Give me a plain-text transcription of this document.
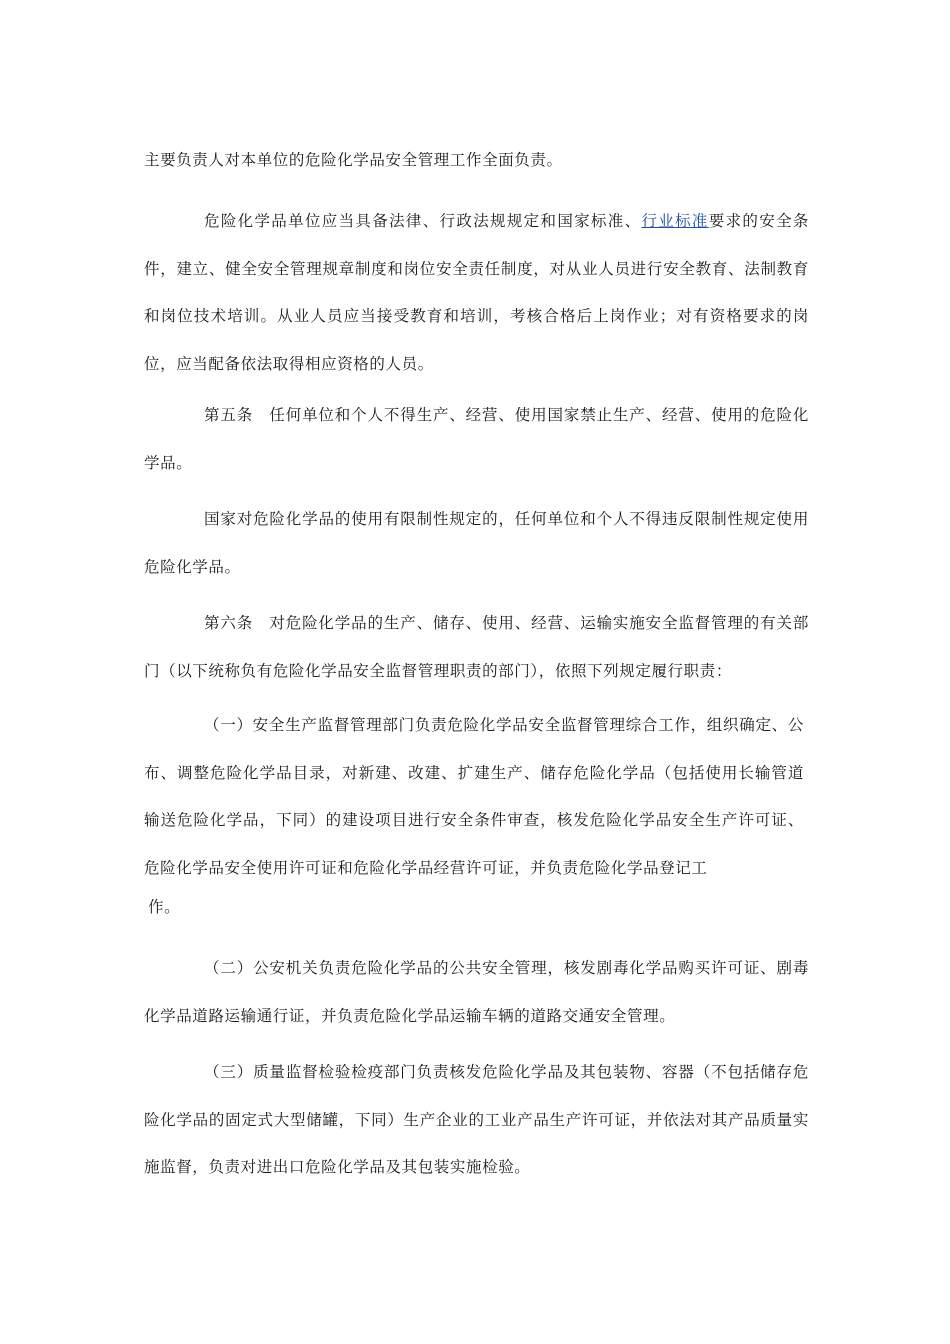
主要负责人对本单位的危险化学品安全管理工作全面负责。

危险化学品单位应当具备法律、行政法规规定和国家标准、行业标准要求的安全条件，建立、健全安全管理规章制度和岗位安全责任制度，对从业人员进行安全教育、法制教育和岗位技术培训。从业人员应当接受教育和培训，考核合格后上岗作业；对有资格要求的岗位，应当配备依法取得相应资格的人员。

第五条 任何单位和个人不得生产、经营、使用国家禁止生产、经营、使用的危险化学品。

国家对危险化学品的使用有限制性规定的，任何单位和个人不得违反限制性规定使用危险化学品。

第六条 对危险化学品的生产、储存、使用、经营、运输实施安全监督管理的有关部门（以下统称负有危险化学品安全监督管理职责的部门），依照下列规定履行职责：

（一）安全生产监督管理部门负责危险化学品安全监督管理综合工作，组织确定、公布、调整危险化学品目录，对新建、改建、扩建生产、储存危险化学品（包括使用长输管道输送危险化学品，下同）的建设项目进行安全条件审查，核发危险化学品安全生产许可证、危险化学品安全使用许可证和危险化学品经营许可证，并负责危险化学品登记工

作。

（二）公安机关负责危险化学品的公共安全管理，核发剧毒化学品购买许可证、剧毒化学品道路运输通行证，并负责危险化学品运输车辆的道路交通安全管理。

（三）质量监督检验检疫部门负责核发危险化学品及其包装物、容器（不包括储存危险化学品的固定式大型储罐，下同）生产企业的工业产品生产许可证，并依法对其产品质量实施监督，负责对进出口危险化学品及其包装实施检验。
